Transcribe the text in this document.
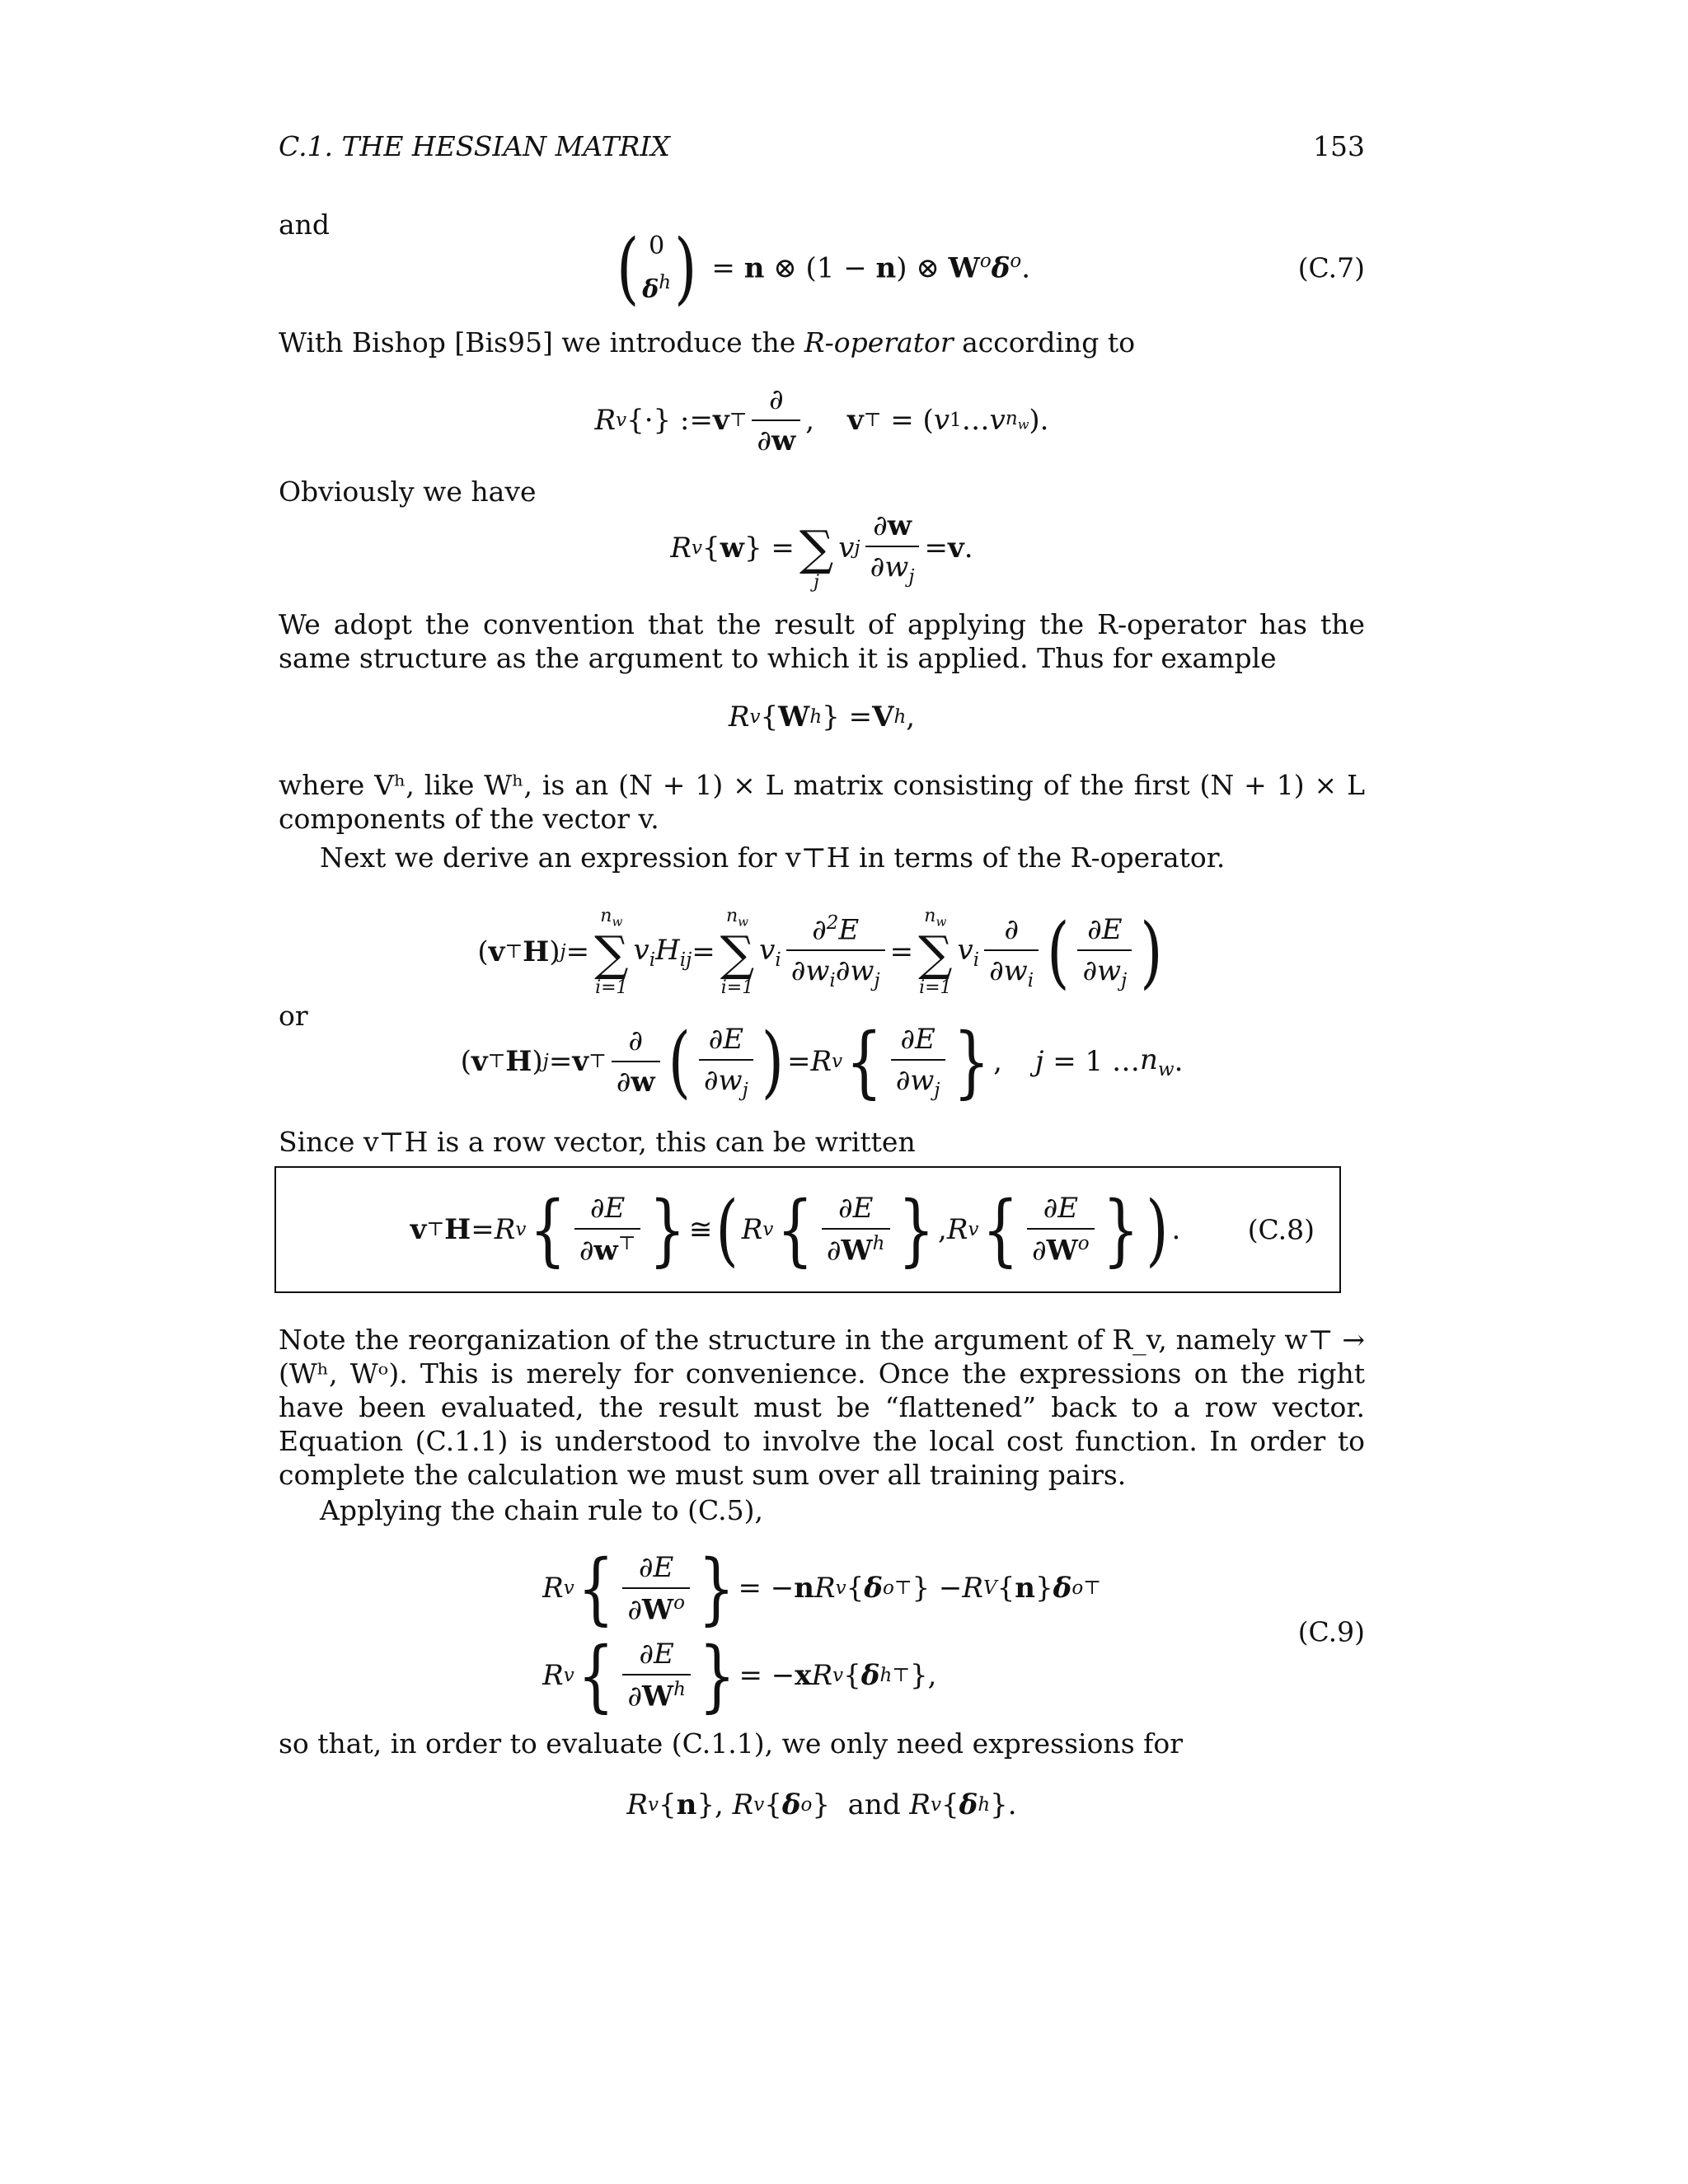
C.1. THE HESSIAN MATRIX	153
and	( 0
$\delta^h$ ) = n ⊗ (1 − n) ⊗ $W^o\delta^o$.	(C.7)
With Bishop [Bis95] we introduce the R-operator according to
R v {·} := v ⊤ $\frac{\partial}{\partial w}$ , v ⊤ = ( v 1 … v $n_w$ ).
Obviously we have
R v { w } =
∑
j
v j $\frac{\partial w}{\partial w_j} = v$ .
We adopt the convention that the result of applying the R-operator has the same structure as the argument to which it is applied. Thus for example
R v { W h } = V h ,
where Vʰ, like Wʰ, is an (N + 1) × L matrix consisting of the first (N + 1) × L components of the vector v.
Next we derive an expression for v⊤H in terms of the R-operator.
( v ⊤ H ) j =
$n_w$
∑
i=1
$v_iH_{ij}$ =
$n_w$
∑
i=1
$v_i \frac{\partial^2E}{\partial w_i\partial w_j}$ =
$n_w$
∑
i=1
$v_i \frac{\partial}{\partial w_i}$ ( $\frac{\partial E}{\partial w_j}$ )
or
( v ⊤ H ) j = v ⊤ $\frac{\partial}{\partial w}$ ( $\frac{\partial E}{\partial w_j}$ ) = R v { $\frac{\partial E}{\partial w_j}$ } , j = 1 … $n_w$ .
Since v⊤H is a row vector, this can be written
v ⊤ H = R v { $\frac{\partial E}{\partial w^⊤}$ } ≅ ( R v { $\frac{\partial E}{\partial W^h}$ } , R v { $\frac{\partial E}{\partial W^o}$ } ) . (C.8)
Note the reorganization of the structure in the argument of R_v, namely w⊤ → (Wʰ, Wᵒ). This is merely for convenience. Once the expressions on the right have been evaluated, the result must be “flattened” back to a row vector. Equation (C.1.1) is understood to involve the local cost function. In order to complete the calculation we must sum over all training pairs.
Applying the chain rule to (C.5),
R v { $\frac{\partial E}{\partial W^o}$ } = − n R v { δ o⊤ } − R V { n } δ o⊤
R v { $\frac{\partial E}{\partial W^h}$ } = − x R v { δ h⊤ },
(C.9)
so that, in order to evaluate (C.1.1), we only need expressions for
R v { n }, R v { δ o }  and R v { δ h }.
